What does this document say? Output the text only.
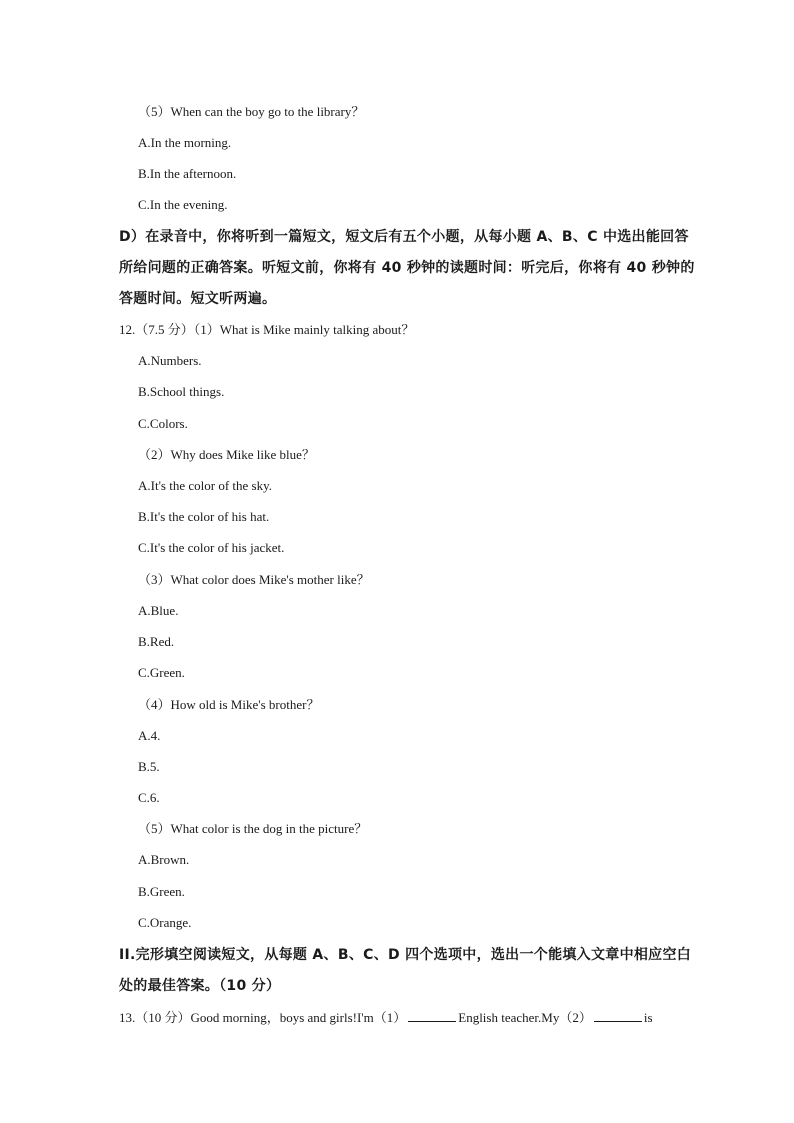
（5）When can the boy go to the library？
A.In the morning.
B.In the afternoon.
C.In the evening.
D）在录音中，你将听到一篇短文，短文后有五个小题，从每小题 A、B、C 中选出能回答
所给问题的正确答案。听短文前，你将有 40 秒钟的读题时间：听完后，你将有 40 秒钟的
答题时间。短文听两遍。
12.（7.5 分）（1）What is Mike mainly talking about？
A.Numbers.
B.School things.
C.Colors.
（2）Why does Mike like blue？
A.It's the color of the sky.
B.It's the color of his hat.
C.It's the color of his jacket.
（3）What color does Mike's mother like？
A.Blue.
B.Red.
C.Green.
（4）How old is Mike's brother？
A.4.
B.5.
C.6.
（5）What color is the dog in the picture？
A.Brown.
B.Green.
C.Orange.
II.完形填空阅读短文，从每题 A、B、C、D 四个选项中，选出一个能填入文章中相应空白
处的最佳答案。（10 分）
13.（10 分）Good morning，boys and girls!I'm（1）	English teacher.My（2）	is
